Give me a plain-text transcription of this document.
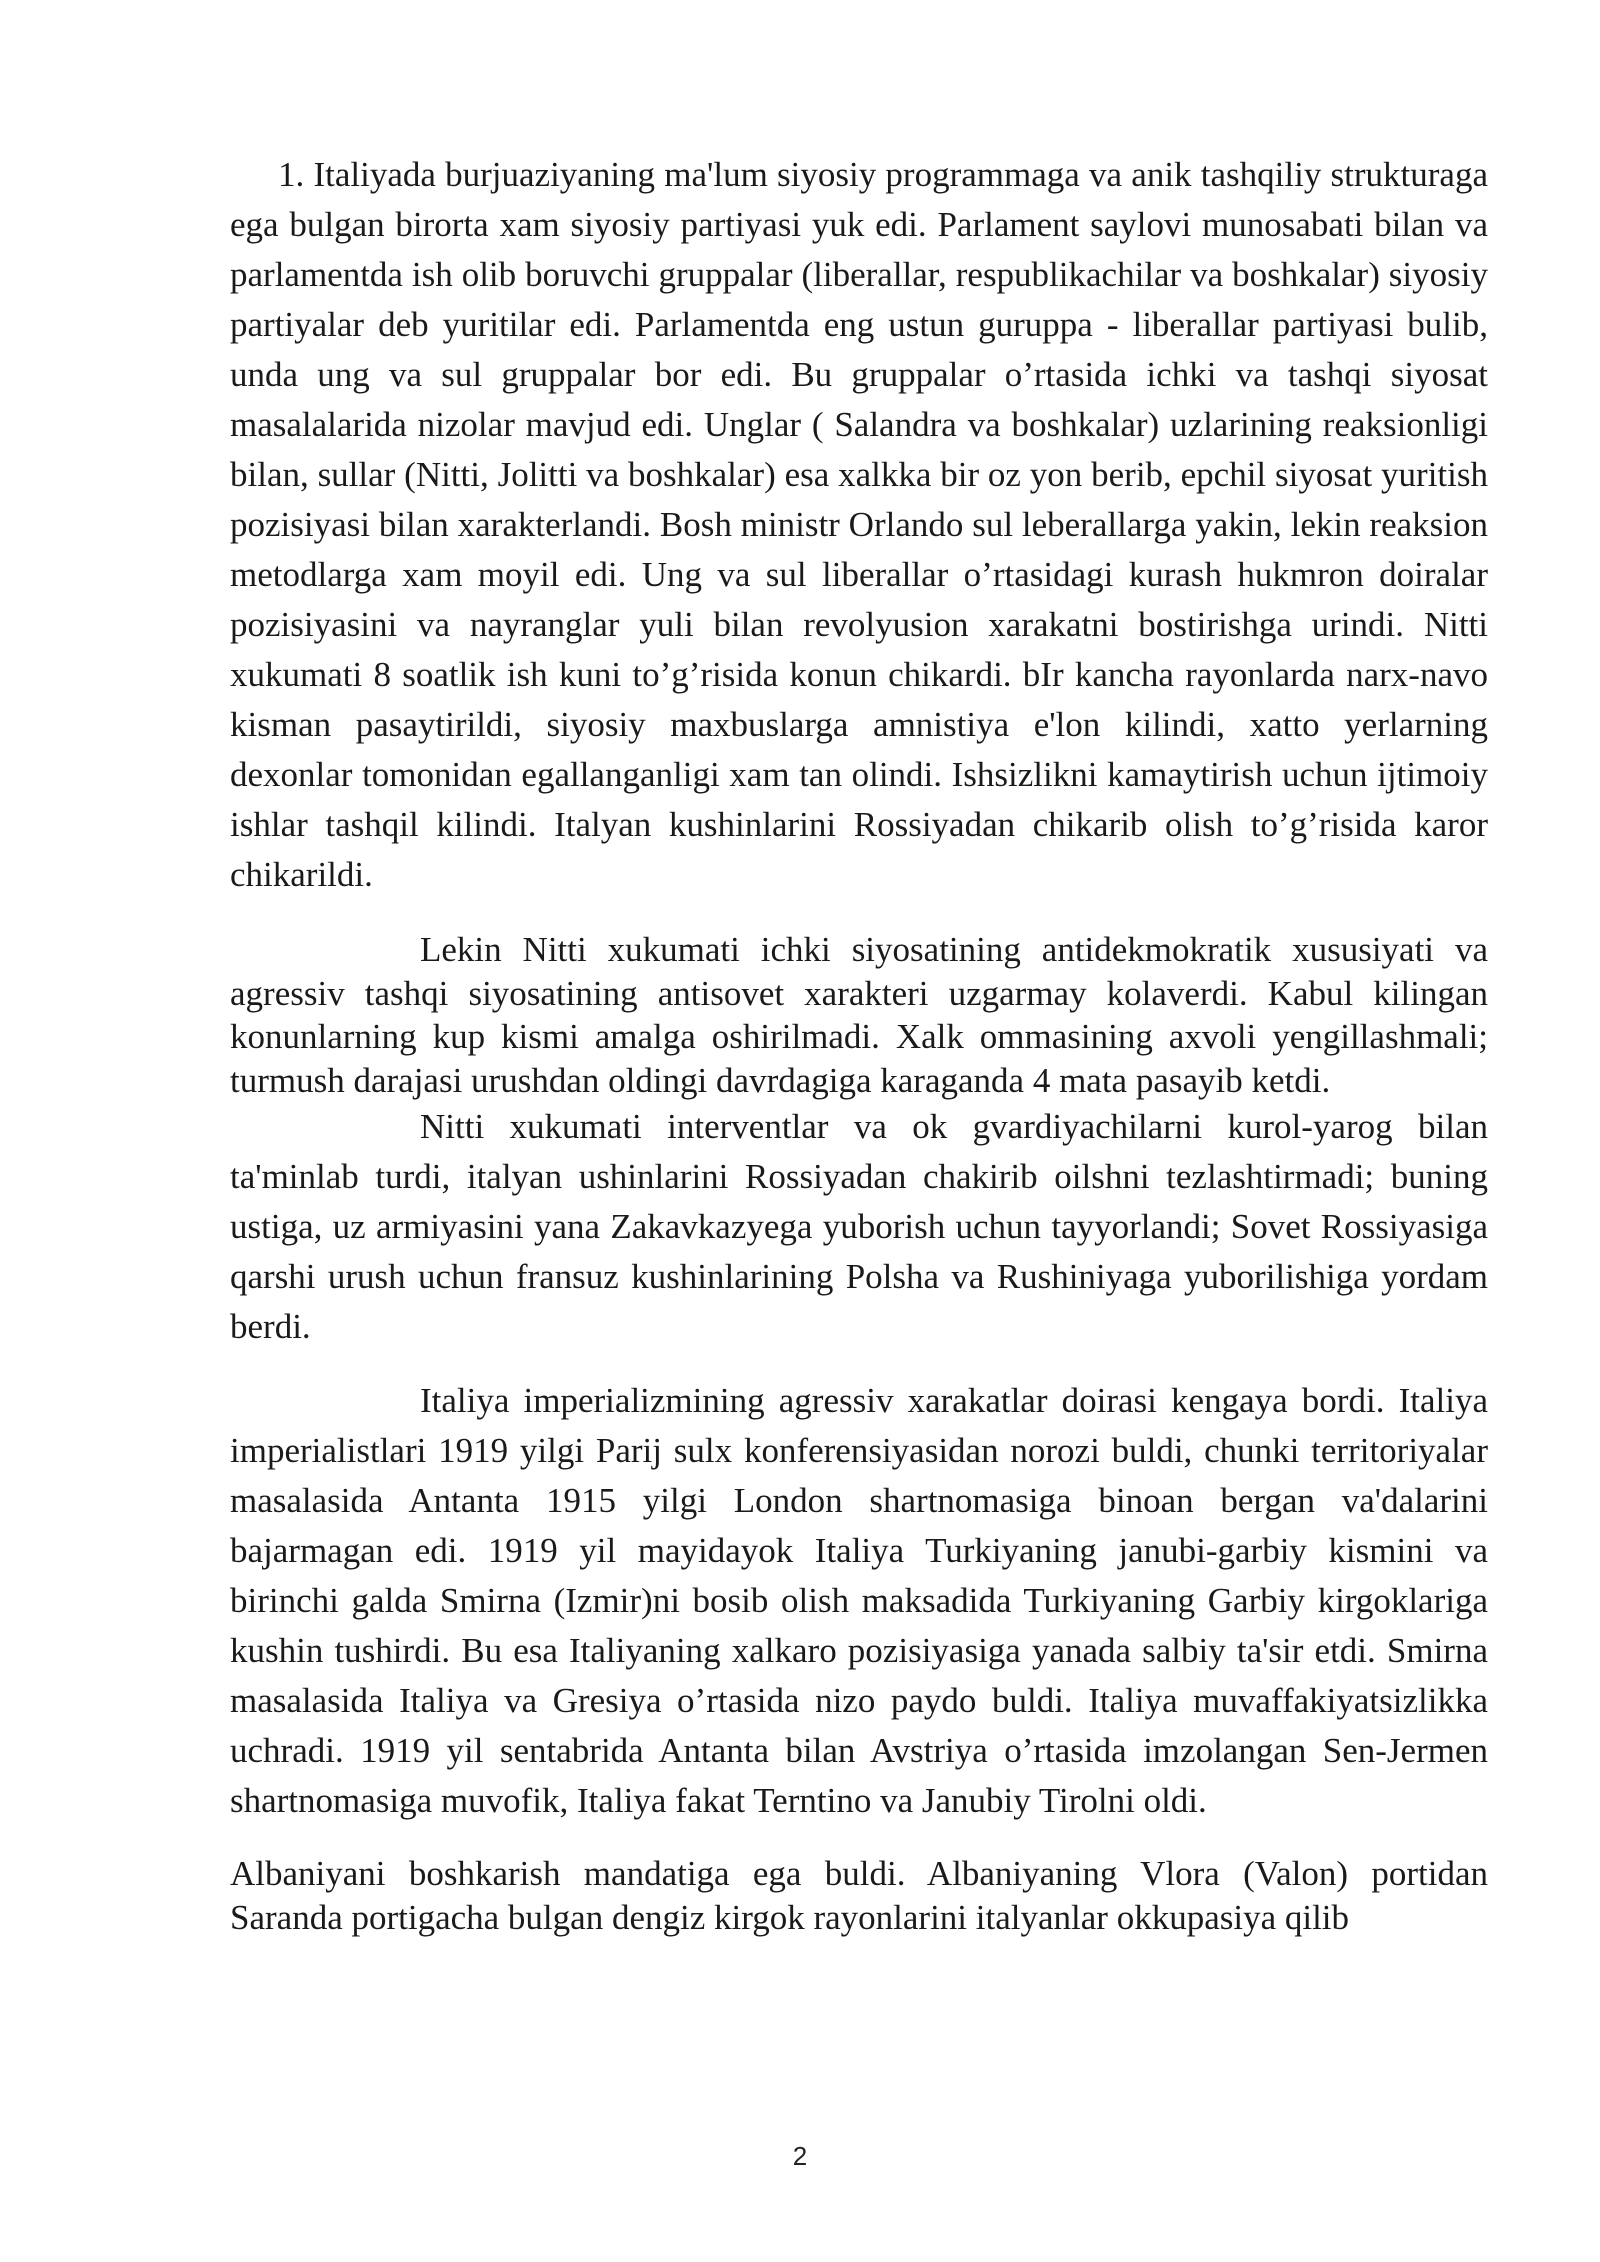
1. Italiyada burjuaziyaning ma'lum siyosiy programmaga va anik tashqiliy strukturaga ega bulgan birorta xam siyosiy partiyasi yuk edi. Parlament saylovi munosabati bilan va parlamentda ish olib boruvchi gruppalar (liberallar, respublikachilar va boshkalar) siyosiy partiyalar deb yuritilar edi. Parlamentda eng ustun guruppa - liberallar partiyasi bulib, unda ung va sul gruppalar bor edi. Bu gruppalar o’rtasida ichki va tashqi siyosat masalalarida nizolar mavjud edi. Unglar ( Salandra va boshkalar) uzlarining reaksionligi bilan, sullar (Nitti, Jolitti va boshkalar) esa xalkka bir oz yon berib, epchil siyosat yuritish pozisiyasi bilan xarakterlandi. Bosh ministr Orlando sul leberallarga yakin, lekin reaksion metodlarga xam moyil edi. Ung va sul liberallar o’rtasidagi kurash hukmron doiralar pozisiyasini va nayranglar yuli bilan revolyusion xarakatni bostirishga urindi. Nitti xukumati 8 soatlik ish kuni to’g’risida konun chikardi. bIr kancha rayonlarda narx-navo kisman pasaytirildi, siyosiy maxbuslarga amnistiya e'lon kilindi, xatto yerlarning dexonlar tomonidan egallanganligi xam tan olindi. Ishsizlikni kamaytirish uchun ijtimoiy ishlar tashqil kilindi. Italyan kushinlarini Rossiyadan chikarib olish to’g’risida karor chikarildi.

Lekin Nitti xukumati ichki siyosatining antidekmokratik xususiyati va agressiv tashqi siyosatining antisovet xarakteri uzgarmay kolaverdi. Kabul kilingan konunlarning kup kismi amalga oshirilmadi. Xalk ommasining axvoli yengillashmali; turmush darajasi urushdan oldingi davrdagiga karaganda 4 mata pasayib ketdi.

Nitti xukumati interventlar va ok gvardiyachilarni kurol-yarog bilan ta'minlab turdi, italyan ushinlarini Rossiyadan chakirib oilshni tezlashtirmadi; buning ustiga, uz armiyasini yana Zakavkazyega yuborish uchun tayyorlandi; Sovet Rossiyasiga qarshi urush uchun fransuz kushinlarining Polsha va Rushiniyaga yuborilishiga yordam berdi.

Italiya imperializmining agressiv xarakatlar doirasi kengaya bordi. Italiya imperialistlari 1919 yilgi Parij sulx konferensiyasidan norozi buldi, chunki territoriyalar masalasida Antanta 1915 yilgi London shartnomasiga binoan bergan va'dalarini bajarmagan edi. 1919 yil mayidayok Italiya Turkiyaning janubi-garbiy kismini va birinchi galda Smirna (Izmir)ni bosib olish maksadida Turkiyaning Garbiy kirgoklariga kushin tushirdi. Bu esa Italiyaning xalkaro pozisiyasiga yanada salbiy ta'sir etdi. Smirna masalasida Italiya va Gresiya o’rtasida nizo paydo buldi. Italiya muvaffakiyatsizlikka uchradi. 1919 yil sentabrida Antanta bilan Avstriya o’rtasida imzolangan Sen-Jermen shartnomasiga muvofik, Italiya fakat Terntino va Janubiy Tirolni oldi.

Albaniyani boshkarish mandatiga ega buldi. Albaniyaning Vlora (Valon) portidan Saranda portigacha bulgan dengiz kirgok rayonlarini italyanlar okkupasiya qilib

2
